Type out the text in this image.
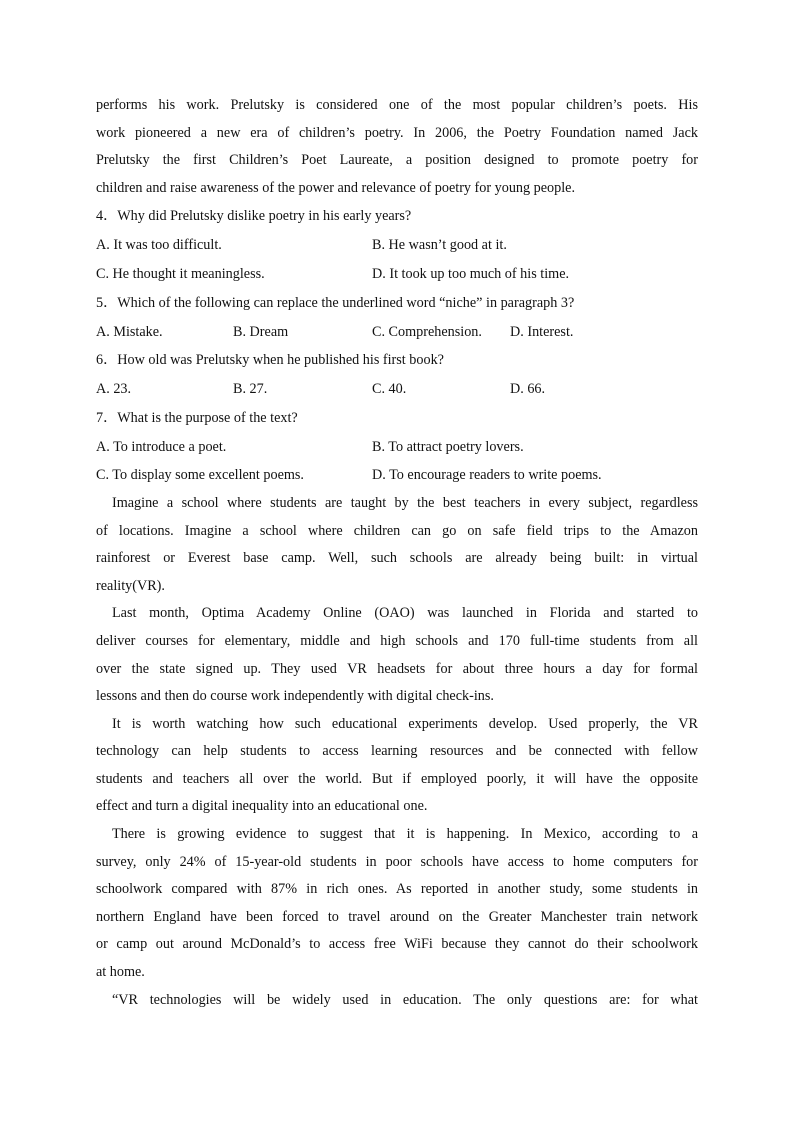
performs his work. Prelutsky is considered one of the most popular children’s poets. His
work pioneered a new era of children’s poetry. In 2006, the Poetry Foundation named Jack
Prelutsky the first Children’s Poet Laureate, a position designed to promote poetry for
children and raise awareness of the power and relevance of poetry for young people.
4．Why did Prelutsky dislike poetry in his early years?
A. It was too difficult.	B. He wasn’t good at it.
C. He thought it meaningless.	D. It took up too much of his time.
5．Which of the following can replace the underlined word “niche” in paragraph 3?
A. Mistake.	B. Dream	C. Comprehension. D. Interest.
6．How old was Prelutsky when he published his first book?
A. 23.	B. 27.	C. 40.	D. 66.
7．What is the purpose of the text?
A. To introduce a poet.	B. To attract poetry lovers.
C. To display some excellent poems.	D. To encourage readers to write poems.
Imagine a school where students are taught by the best teachers in every subject, regardless
of locations. Imagine a school where children can go on safe field trips to the Amazon
rainforest or Everest base camp. Well, such schools are already being built: in virtual
reality(VR).
Last month, Optima Academy Online (OAO) was launched in Florida and started to
deliver courses for elementary, middle and high schools and 170 full-time students from all
over the state signed up. They used VR headsets for about three hours a day for formal
lessons and then do course work independently with digital check-ins.
It is worth watching how such educational experiments develop. Used properly, the VR
technology can help students to access learning resources and be connected with fellow
students and teachers all over the world. But if employed poorly, it will have the opposite
effect and turn a digital inequality into an educational one.
There is growing evidence to suggest that it is happening. In Mexico, according to a
survey, only 24% of 15-year-old students in poor schools have access to home computers for
schoolwork compared with 87% in rich ones. As reported in another study, some students in
northern England have been forced to travel around on the Greater Manchester train network
or camp out around McDonald’s to access free WiFi because they cannot do their schoolwork
at home.
“VR technologies will be widely used in education. The only questions are: for what
